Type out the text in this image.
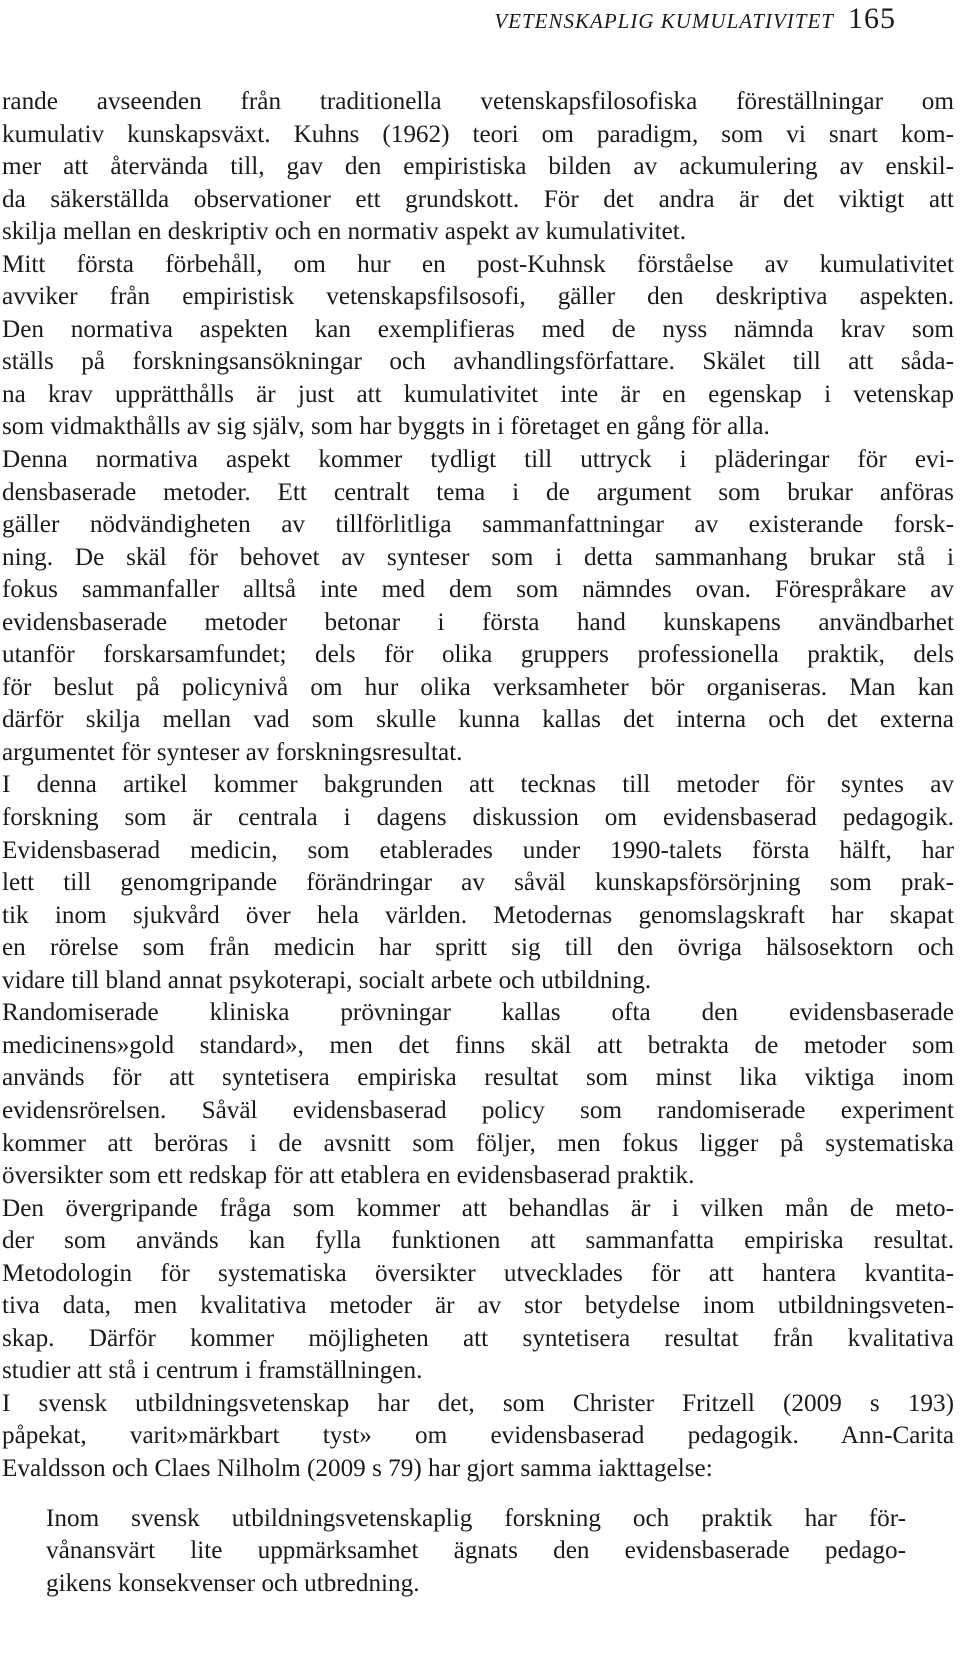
VETENSKAPLIG KUMULATIVITET 165

rande avseenden från traditionella vetenskapsfilosofiska föreställningar om
kumulativ kunskapsväxt. Kuhns (1962) teori om paradigm, som vi snart kom-
mer att återvända till, gav den empiristiska bilden av ackumulering av enskil-
da säkerställda observationer ett grundskott. För det andra är det viktigt att
skilja mellan en deskriptiv och en normativ aspekt av kumulativitet.

Mitt första förbehåll, om hur en post-Kuhnsk förståelse av kumulativitet
avviker från empiristisk vetenskapsfilsosofi, gäller den deskriptiva aspekten.
Den normativa aspekten kan exemplifieras med de nyss nämnda krav som
ställs på forskningsansökningar och avhandlingsförfattare. Skälet till att såda-
na krav upprätthålls är just att kumulativitet inte är en egenskap i vetenskap
som vidmakthålls av sig själv, som har byggts in i företaget en gång för alla.

Denna normativa aspekt kommer tydligt till uttryck i pläderingar för evi-
densbaserade metoder. Ett centralt tema i de argument som brukar anföras
gäller nödvändigheten av tillförlitliga sammanfattningar av existerande forsk-
ning. De skäl för behovet av synteser som i detta sammanhang brukar stå i
fokus sammanfaller alltså inte med dem som nämndes ovan. Förespråkare av
evidensbaserade metoder betonar i första hand kunskapens användbarhet
utanför forskarsamfundet; dels för olika gruppers professionella praktik, dels
för beslut på policynivå om hur olika verksamheter bör organiseras. Man kan
därför skilja mellan vad som skulle kunna kallas det interna och det externa
argumentet för synteser av forskningsresultat.

I denna artikel kommer bakgrunden att tecknas till metoder för syntes av
forskning som är centrala i dagens diskussion om evidensbaserad pedagogik.
Evidensbaserad medicin, som etablerades under 1990-talets första hälft, har
lett till genomgripande förändringar av såväl kunskapsförsörjning som prak-
tik inom sjukvård över hela världen. Metodernas genomslagskraft har skapat
en rörelse som från medicin har spritt sig till den övriga hälsosektorn och
vidare till bland annat psykoterapi, socialt arbete och utbildning.

Randomiserade kliniska prövningar kallas ofta den evidensbaserade
medicinens»gold standard», men det finns skäl att betrakta de metoder som
används för att syntetisera empiriska resultat som minst lika viktiga inom
evidensrörelsen. Såväl evidensbaserad policy som randomiserade experiment
kommer att beröras i de avsnitt som följer, men fokus ligger på systematiska
översikter som ett redskap för att etablera en evidensbaserad praktik.

Den övergripande frågа som kommer att behandlas är i vilken mån de meto-
der som används kan fylla funktionen att sammanfatta empiriska resultat.
Metodologin för systematiska översikter utvecklades för att hantera kvantita-
tiva data, men kvalitativa metoder är av stor betydelse inom utbildningsveten-
skap. Därför kommer möjligheten att syntetisera resultat från kvalitativa
studier att stå i centrum i framställningen.

I svensk utbildningsvetenskap har det, som Christer Fritzell (2009 s 193)
påpekat, varit»märkbart tyst» om evidensbaserad pedagogik. Ann-Carita
Evaldsson och Claes Nilholm (2009 s 79) har gjort samma iakttagelse:

Inom svensk utbildningsvetenskaplig forskning och praktik har för-
vånansvärt lite uppmärksamhet ägnats den evidensbaserade pedago-
gikens konsekvenser och utbredning.
